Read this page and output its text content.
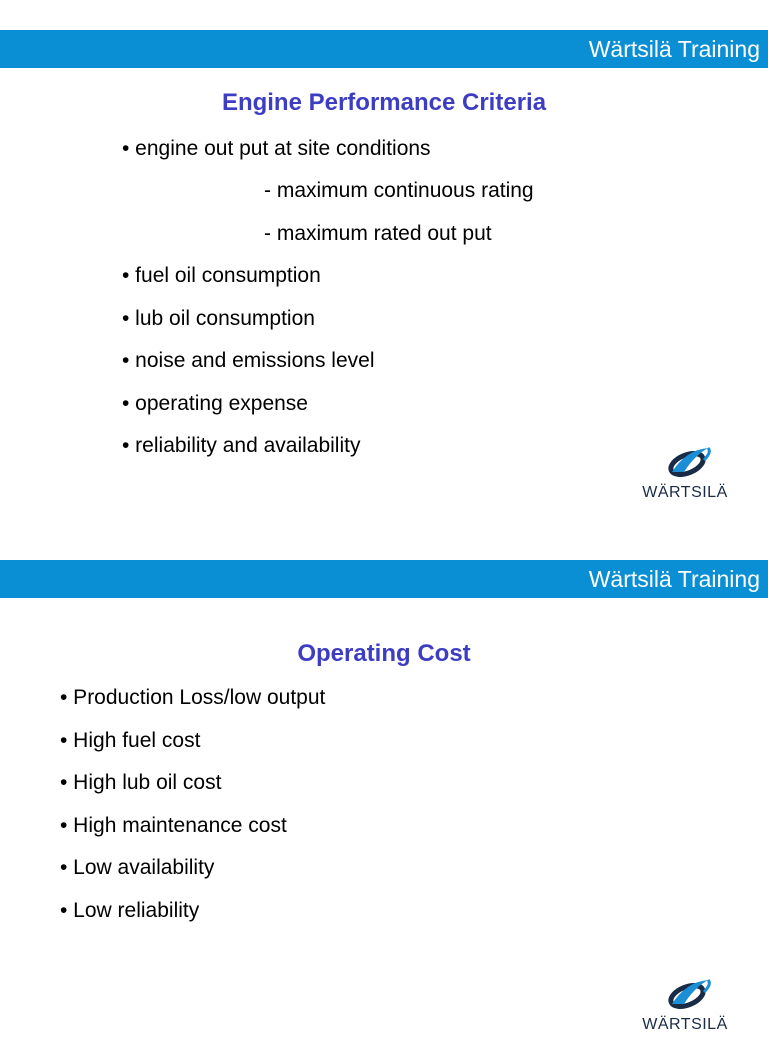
Wärtsilä Training
Engine Performance Criteria
• engine out put at site conditions
- maximum continuous rating
- maximum rated out put
• fuel oil consumption
• lub oil consumption
• noise and emissions level
• operating expense
• reliability and availability
WÄRTSILÄ
Wärtsilä Training
Operating Cost
• Production Loss/low output
• High fuel cost
• High lub oil cost
• High maintenance cost
• Low availability
• Low reliability
WÄRTSILÄ
